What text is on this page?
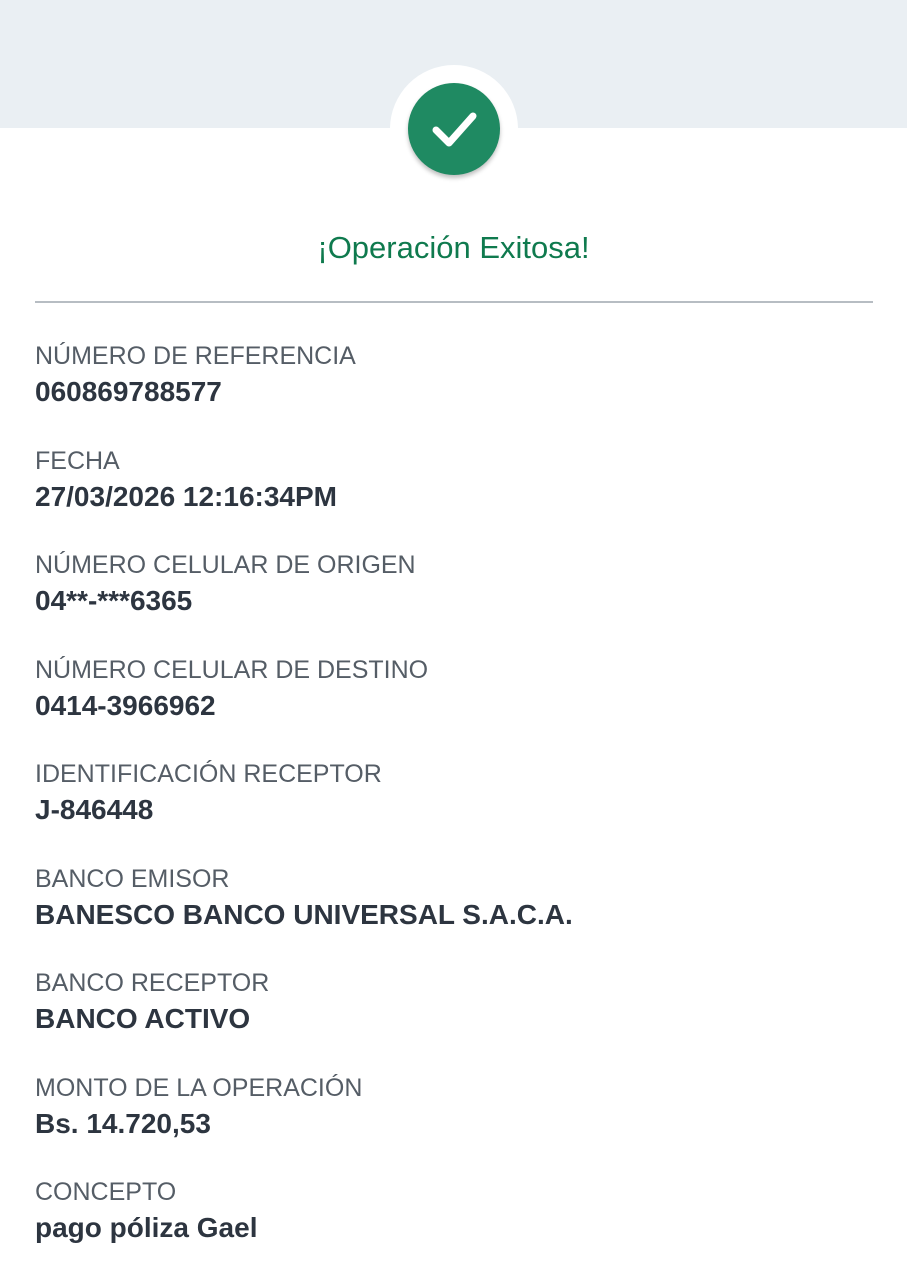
¡Operación Exitosa!
NÚMERO DE REFERENCIA
060869788577
FECHA
27/03/2026 12:16:34PM
NÚMERO CELULAR DE ORIGEN
04**-***6365
NÚMERO CELULAR DE DESTINO
0414-3966962
IDENTIFICACIÓN RECEPTOR
J-846448
BANCO EMISOR
BANESCO BANCO UNIVERSAL S.A.C.A.
BANCO RECEPTOR
BANCO ACTIVO
MONTO DE LA OPERACIÓN
Bs. 14.720,53
CONCEPTO
pago póliza Gael
